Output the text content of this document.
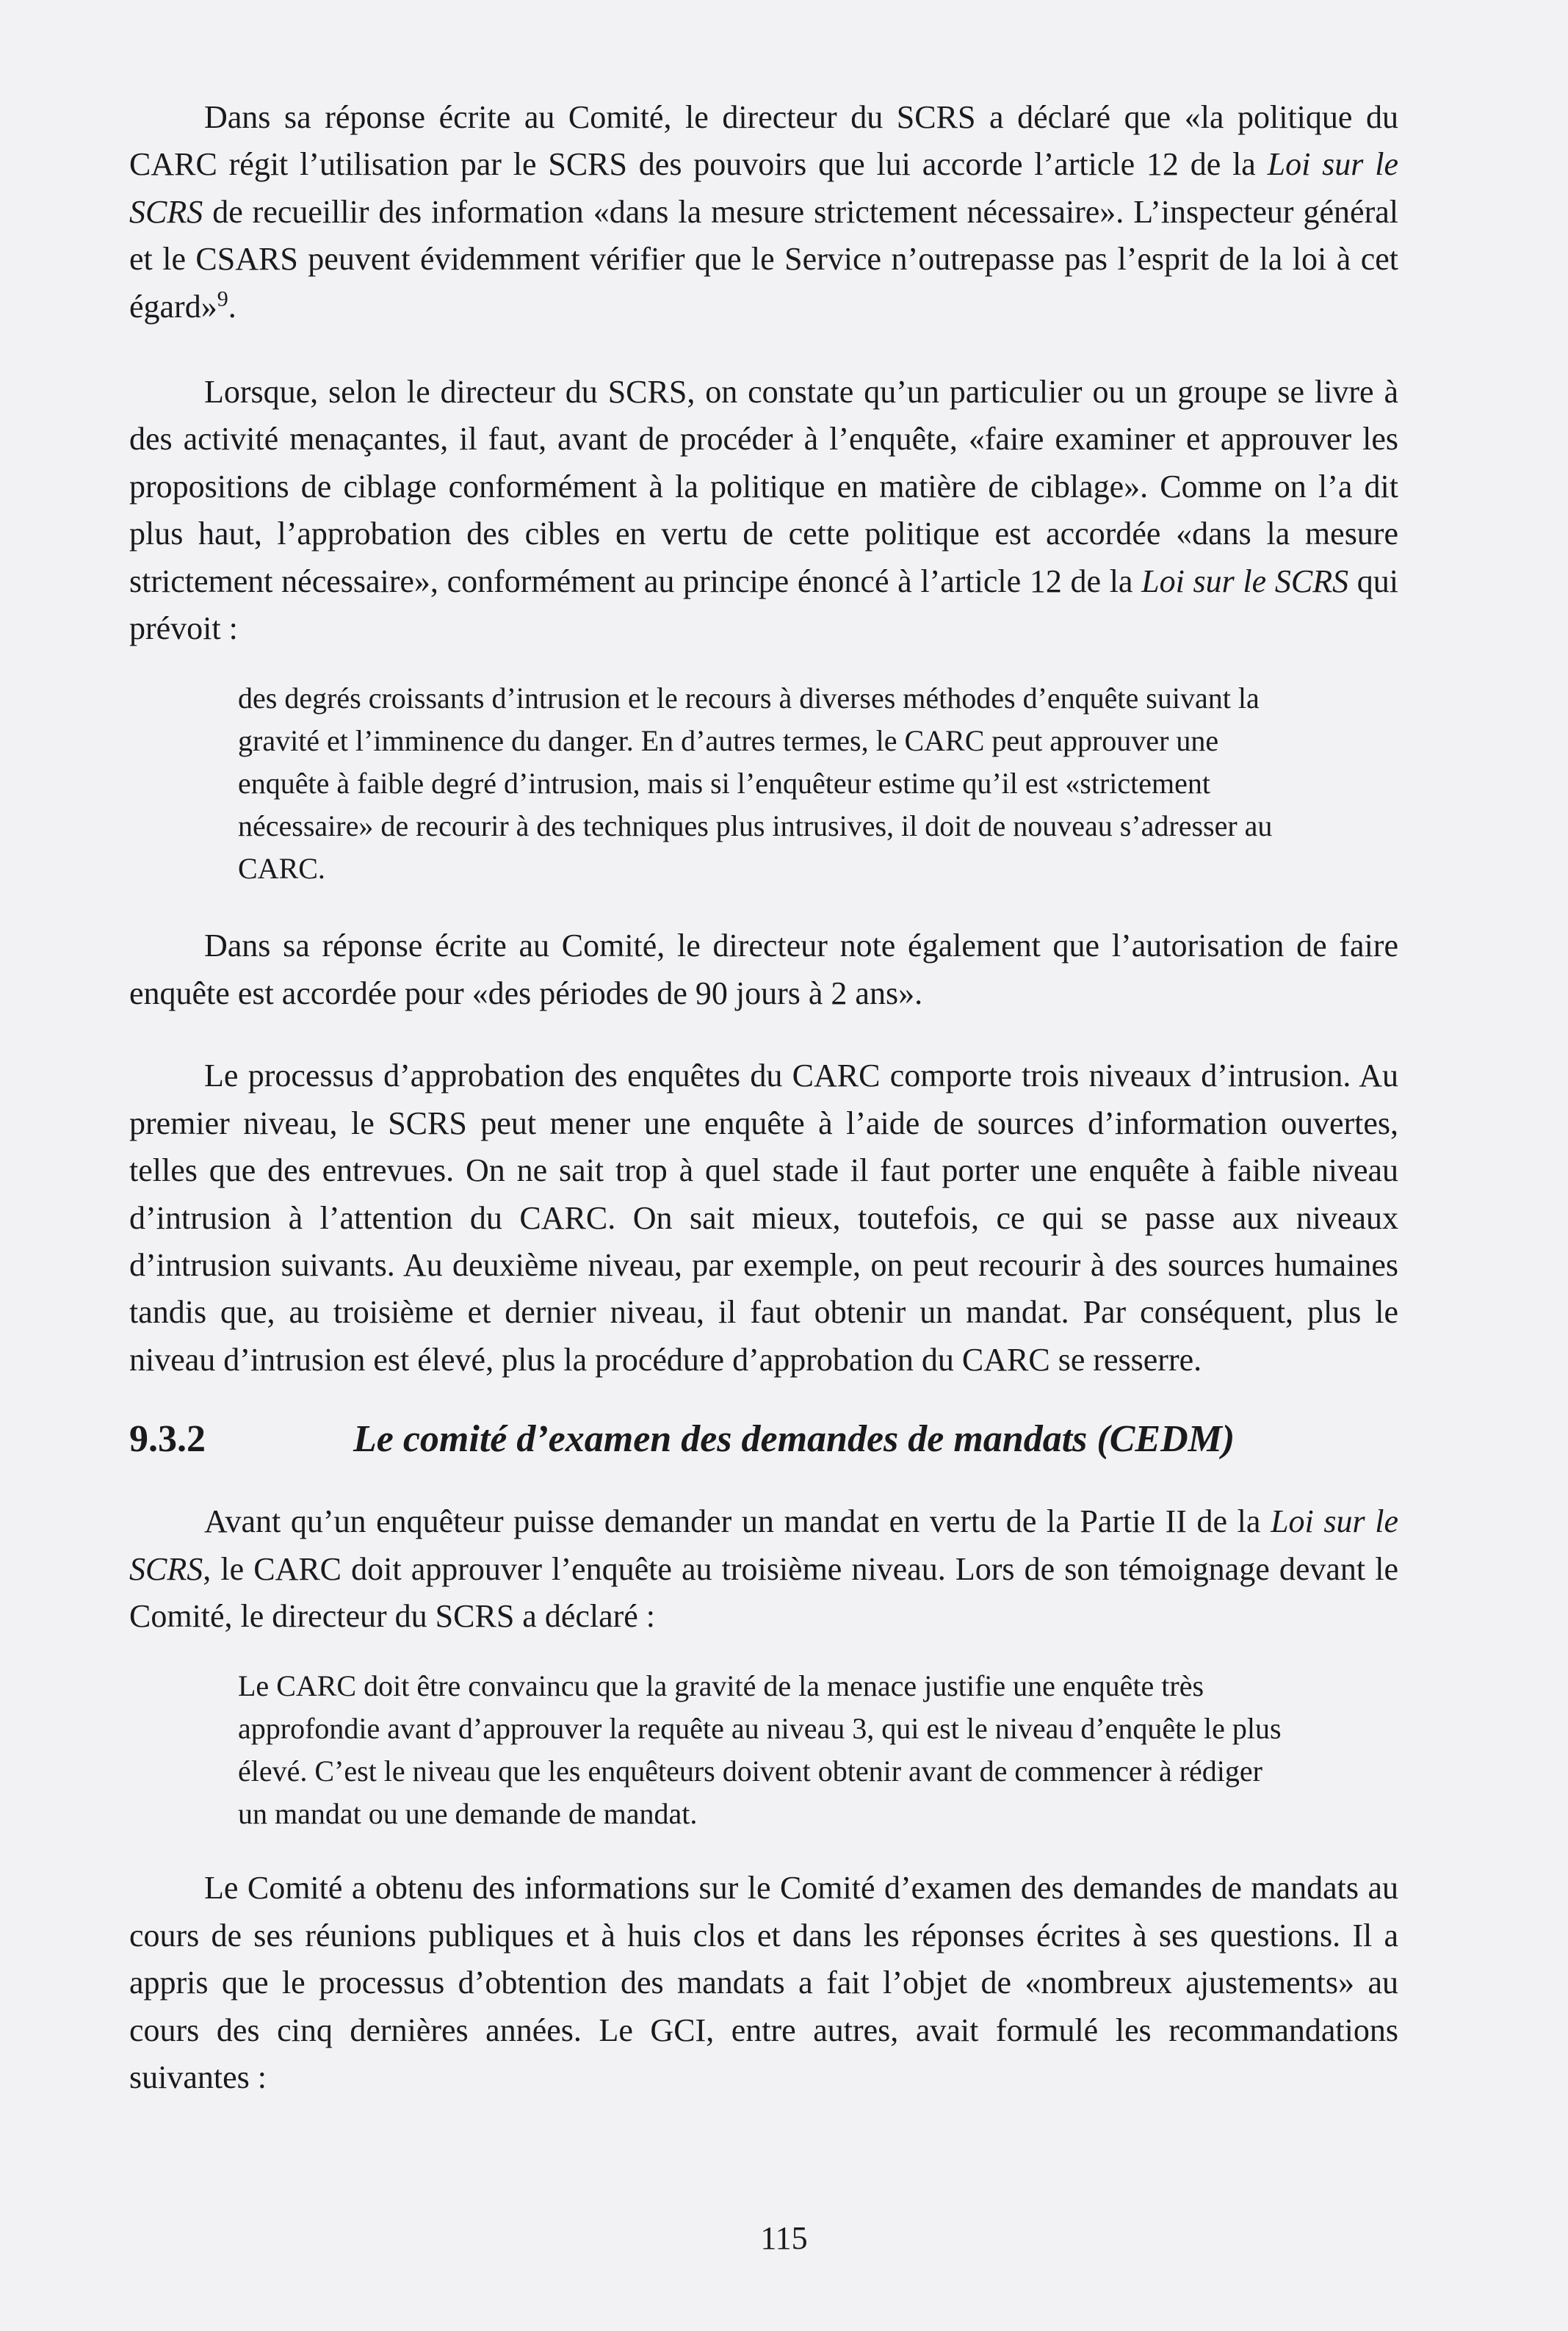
Dans sa réponse écrite au Comité, le directeur du SCRS a déclaré que «la politique du CARC régit l’utilisation par le SCRS des pouvoirs que lui accorde l’article 12 de la Loi sur le SCRS de recueillir des information «dans la mesure strictement nécessaire». L’inspecteur général et le CSARS peuvent évidemment vérifier que le Service n’outrepasse pas l’esprit de la loi à cet égard»$^9$.

Lorsque, selon le directeur du SCRS, on constate qu’un particulier ou un groupe se livre à des activité menaçantes, il faut, avant de procéder à l’enquête, «faire examiner et approuver les propositions de ciblage conformément à la politique en matière de ciblage». Comme on l’a dit plus haut, l’approbation des cibles en vertu de cette politique est accordée «dans la mesure strictement nécessaire», conformément au principe énoncé à l’article 12 de la Loi sur le SCRS qui prévoit :

des degrés croissants d’intrusion et le recours à diverses méthodes d’enquête suivant la gravité et l’imminence du danger. En d’autres termes, le CARC peut approuver une enquête à faible degré d’intrusion, mais si l’enquêteur estime qu’il est «strictement nécessaire» de recourir à des techniques plus intrusives, il doit de nouveau s’adresser au CARC.

Dans sa réponse écrite au Comité, le directeur note également que l’autorisation de faire enquête est accordée pour «des périodes de 90 jours à 2 ans».

Le processus d’approbation des enquêtes du CARC comporte trois niveaux d’intrusion. Au premier niveau, le SCRS peut mener une enquête à l’aide de sources d’information ouvertes, telles que des entrevues. On ne sait trop à quel stade il faut porter une enquête à faible niveau d’intrusion à l’attention du CARC. On sait mieux, toutefois, ce qui se passe aux niveaux d’intrusion suivants. Au deuxième niveau, par exemple, on peut recourir à des sources humaines tandis que, au troisième et dernier niveau, il faut obtenir un mandat. Par conséquent, plus le niveau d’intrusion est élevé, plus la procédure d’approbation du CARC se resserre.

9.3.2	Le comité d’examen des demandes de mandats (CEDM)

Avant qu’un enquêteur puisse demander un mandat en vertu de la Partie II de la Loi sur le SCRS, le CARC doit approuver l’enquête au troisième niveau. Lors de son témoignage devant le Comité, le directeur du SCRS a déclaré :

Le CARC doit être convaincu que la gravité de la menace justifie une enquête très approfondie avant d’approuver la requête au niveau 3, qui est le niveau d’enquête le plus élevé. C’est le niveau que les enquêteurs doivent obtenir avant de commencer à rédiger un mandat ou une demande de mandat.

Le Comité a obtenu des informations sur le Comité d’examen des demandes de mandats au cours de ses réunions publiques et à huis clos et dans les réponses écrites à ses questions. Il a appris que le processus d’obtention des mandats a fait l’objet de «nombreux ajustements» au cours des cinq dernières années. Le GCI, entre autres, avait formulé les recommandations suivantes :

115
